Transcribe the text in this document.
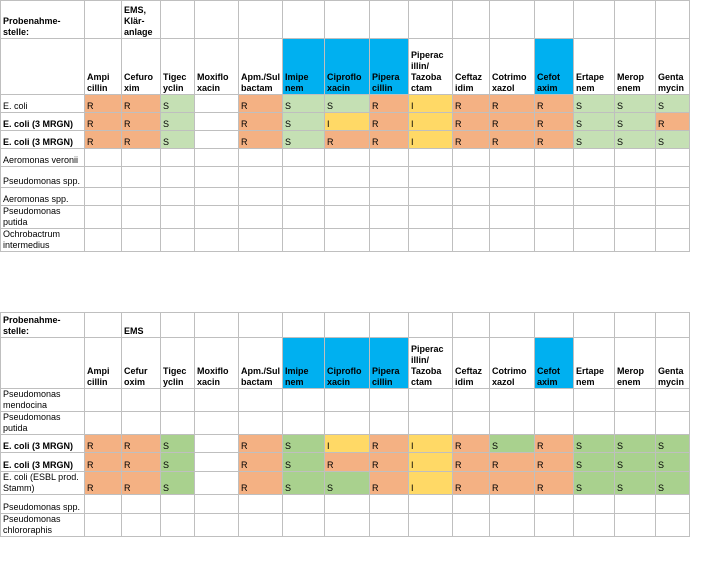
Probenahme-stelle:		EMS, Klär-anlage													
	Ampi cillin	Cefuro xim	Tigec yclin	Moxiflo xacin	Apm./Sul bactam	Imipe nem	Ciproflo xacin	Pipera cillin	Piperac illin/ Tazoba ctam	Ceftaz idim	Cotrimo xazol	Cefot axim	Ertape nem	Merop enem	Genta mycin
E. coli	R	R	S		R	S	S	R	I	R	R	R	S	S	S
E. coli (3 MRGN)	R	R	S		R	S	I	R	I	R	R	R	S	S	R
E. coli (3 MRGN)	R	R	S		R	S	R	R	I	R	R	R	S	S	S
Aeromonas veronii															
Pseudomonas spp.															
Aeromonas spp.															
Pseudomonas putida															
Ochrobactrum intermedius															
Probenahme-stelle:		EMS													
	Ampi cillin	Cefur oxim	Tigec yclin	Moxiflo xacin	Apm./Sul bactam	Imipe nem	Ciproflo xacin	Pipera cillin	Piperac illin/ Tazoba ctam	Ceftaz idim	Cotrimo xazol	Cefot axim	Ertape nem	Merop enem	Genta mycin
Pseudomonas mendocina															
Pseudomonas putida															
E. coli (3 MRGN)	R	R	S		R	S	I	R	I	R	S	R	S	S	S
E. coli (3 MRGN)	R	R	S		R	S	R	R	I	R	R	R	S	S	S
E. coli (ESBL prod. Stamm)	R	R	S		R	S	S	R	I	R	R	R	S	S	S
Pseudomonas spp.															
Pseudomonas chlororaphis															
